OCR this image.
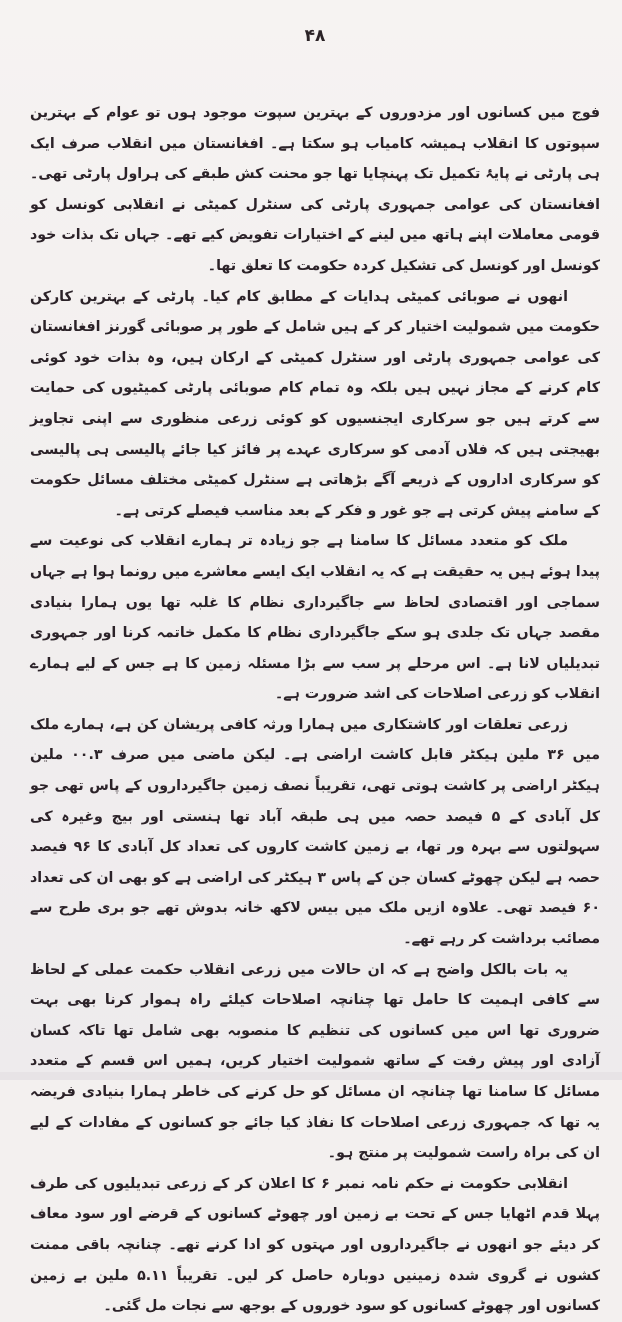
۴۸

فوج میں کسانوں اور مزدوروں کے بہترین سپوت موجود ہوں تو عوام کے بہترین سپوتوں کا انقلاب ہمیشہ کامیاب ہو سکتا ہے۔ افغانستان میں انقلاب صرف ایک ہی پارٹی نے پایۂ تکمیل تک پہنچایا تھا جو محنت کش طبقے کی ہراول پارٹی تھی۔ افغانستان کی عوامی جمہوری پارٹی کی سنٹرل کمیٹی نے انقلابی کونسل کو قومی معاملات اپنے ہاتھ میں لینے کے اختیارات تفویض کیے تھے۔ جہاں تک بذات خود کونسل اور کونسل کی تشکیل کردہ حکومت کا تعلق تھا۔

انھوں نے صوبائی کمیٹی ہدایات کے مطابق کام کیا۔ پارٹی کے بہترین کارکن حکومت میں شمولیت اختیار کر کے ہیں شامل کے طور پر صوبائی گورنز افغانستان کی عوامی جمہوری پارٹی اور سنٹرل کمیٹی کے ارکان ہیں، وہ بذات خود کوئی کام کرنے کے مجاز نہیں ہیں بلکہ وہ تمام کام صوبائی پارٹی کمیٹیوں کی حمایت سے کرتے ہیں جو سرکاری ایجنسیوں کو کوئی زرعی منظوری سے اپنی تجاویز بھیجتی ہیں کہ فلاں آدمی کو سرکاری عہدے پر فائز کیا جائے پالیسی ہی پالیسی کو سرکاری اداروں کے ذریعے آگے بڑھاتی ہے سنٹرل کمیٹی مختلف مسائل حکومت کے سامنے پیش کرتی ہے جو غور و فکر کے بعد مناسب فیصلے کرتی ہے۔

ملک کو متعدد مسائل کا سامنا ہے جو زیادہ تر ہمارے انقلاب کی نوعیت سے پیدا ہوئے ہیں یہ حقیقت ہے کہ یہ انقلاب ایک ایسے معاشرے میں رونما ہوا ہے جہاں سماجی اور اقتصادی لحاظ سے جاگیرداری نظام کا غلبہ تھا یوں ہمارا بنیادی مقصد جہاں تک جلدی ہو سکے جاگیرداری نظام کا مکمل خاتمہ کرنا اور جمہوری تبدیلیاں لانا ہے۔ اس مرحلے پر سب سے بڑا مسئلہ زمین کا ہے جس کے لیے ہمارے انقلاب کو زرعی اصلاحات کی اشد ضرورت ہے۔

زرعی تعلقات اور کاشتکاری میں ہمارا ورثہ کافی پریشان کن ہے، ہمارے ملک میں ۳۶ ملین ہیکٹر قابل کاشت اراضی ہے۔ لیکن ماضی میں صرف ۰۰.۳ ملین ہیکٹر اراضی پر کاشت ہوتی تھی، تقریباً نصف زمین جاگیرداروں کے پاس تھی جو کل آبادی کے ۵ فیصد حصہ میں ہی طبقہ آباد تھا ہنستی اور بیج وغیرہ کی سہولتوں سے بہرہ ور تھا، بے زمین کاشت کاروں کی تعداد کل آبادی کا ۹۶ فیصد حصہ ہے لیکن چھوٹے کسان جن کے پاس ۳ ہیکٹر کی اراضی ہے کو بھی ان کی تعداد ۶۰ فیصد تھی۔ علاوہ ازیں ملک میں بیس لاکھ خانہ بدوش تھے جو بری طرح سے مصائب برداشت کر رہے تھے۔

یہ بات بالکل واضح ہے کہ ان حالات میں زرعی انقلاب حکمت عملی کے لحاظ سے کافی اہمیت کا حامل تھا چنانچہ اصلاحات کیلئے راہ ہموار کرنا بھی بہت ضروری تھا اس میں کسانوں کی تنظیم کا منصوبہ بھی شامل تھا تاکہ کسان آزادی اور پیش رفت کے ساتھ شمولیت اختیار کریں، ہمیں اس قسم کے متعدد مسائل کا سامنا تھا چنانچہ ان مسائل کو حل کرنے کی خاطر ہمارا بنیادی فریضہ یہ تھا کہ جمہوری زرعی اصلاحات کا نفاذ کیا جائے جو کسانوں کے مفادات کے لیے ان کی براہ راست شمولیت پر منتج ہو۔

انقلابی حکومت نے حکم نامہ نمبر ۶ کا اعلان کر کے زرعی تبدیلیوں کی طرف پہلا قدم اٹھایا جس کے تحت بے زمین اور چھوٹے کسانوں کے قرضے اور سود معاف کر دیئے جو انھوں نے جاگیرداروں اور مہتوں کو ادا کرنے تھے۔ چنانچہ باقی ممنت کشوں نے گروی شدہ زمینیں دوبارہ حاصل کر لیں۔ تقریباً ۵.۱۱ ملین بے زمین کسانوں اور چھوٹے کسانوں کو سود خوروں کے بوجھ سے نجات مل گئی۔
